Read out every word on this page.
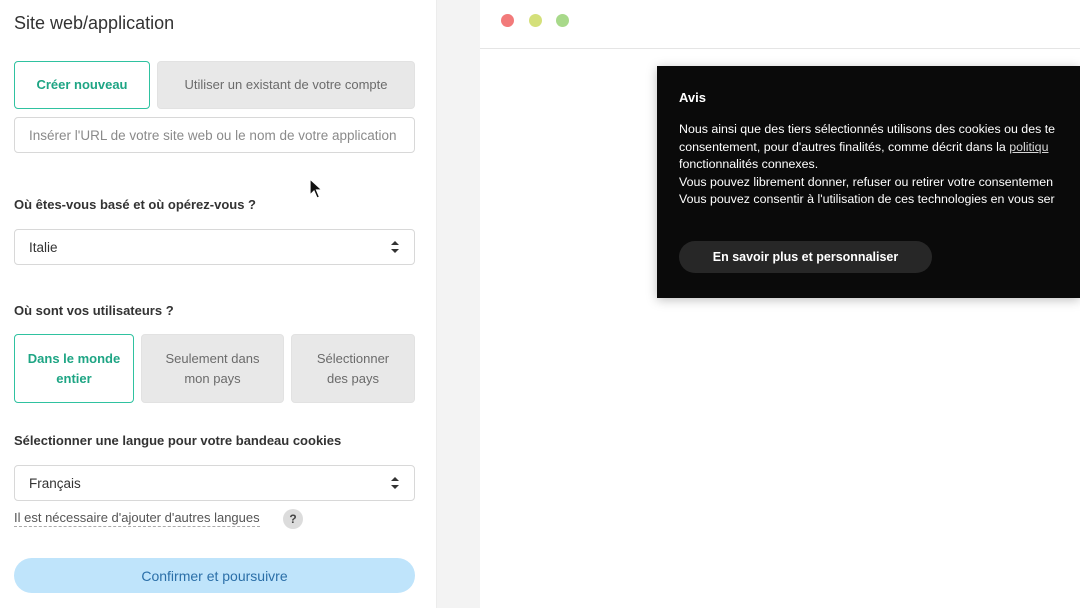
Site web/application
Créer nouveau	Utiliser un existant de votre compte
Insérer l'URL de votre site web ou le nom de votre application
Où êtes-vous basé et où opérez-vous ?
Italie
Où sont vos utilisateurs ?
Dans le monde entier
Seulement dans mon pays
Sélectionner des pays
Sélectionner une langue pour votre bandeau cookies
Français
Il est nécessaire d'ajouter d'autres langues	?
Confirmer et poursuivre
Avis
Nous ainsi que des tiers sélectionnés utilisons des cookies ou des te
consentement, pour d'autres finalités, comme décrit dans la politiqu
fonctionnalités connexes.
Vous pouvez librement donner, refuser ou retirer votre consentemen
Vous pouvez consentir à l'utilisation de ces technologies en vous ser
En savoir plus et personnaliser
